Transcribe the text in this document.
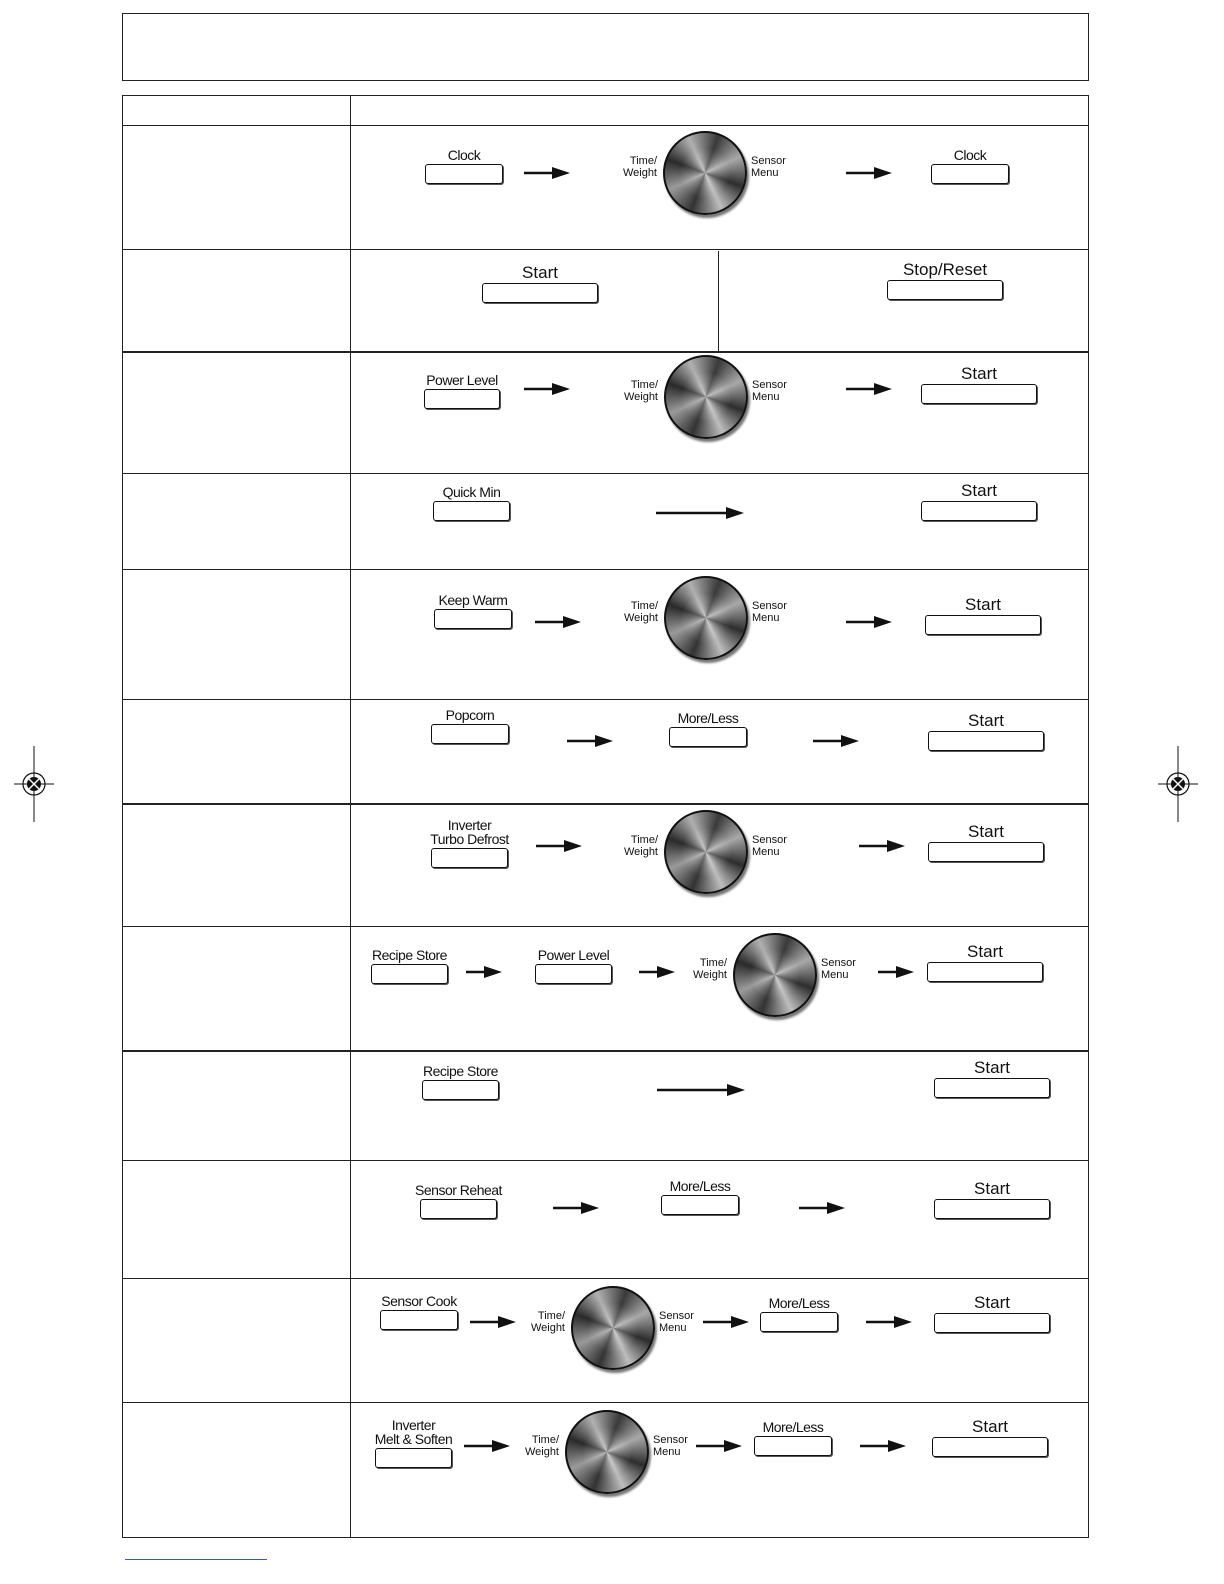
Clock	Time/
Weight
Sensor
Menu
Clock
Start	Stop/Reset
Power Level	Time/
Weight
Sensor
Menu
Start
Quick Min	Start
Keep Warm	Time/
Weight
Sensor
Menu
Start
Popcorn	More/Less	Start
Inverter
Turbo Defrost	Time/
Weight
Sensor
Menu
Start
Recipe Store	Power Level	Time/
Weight
Sensor
Menu
Start
Recipe Store	Start
Sensor Reheat	More/Less	Start
Sensor Cook
Time/
Weight
Sensor
Menu
More/Less	Start
Inverter
Melt & Soften	Time/
Weight
Sensor
Menu
More/Less	Start
